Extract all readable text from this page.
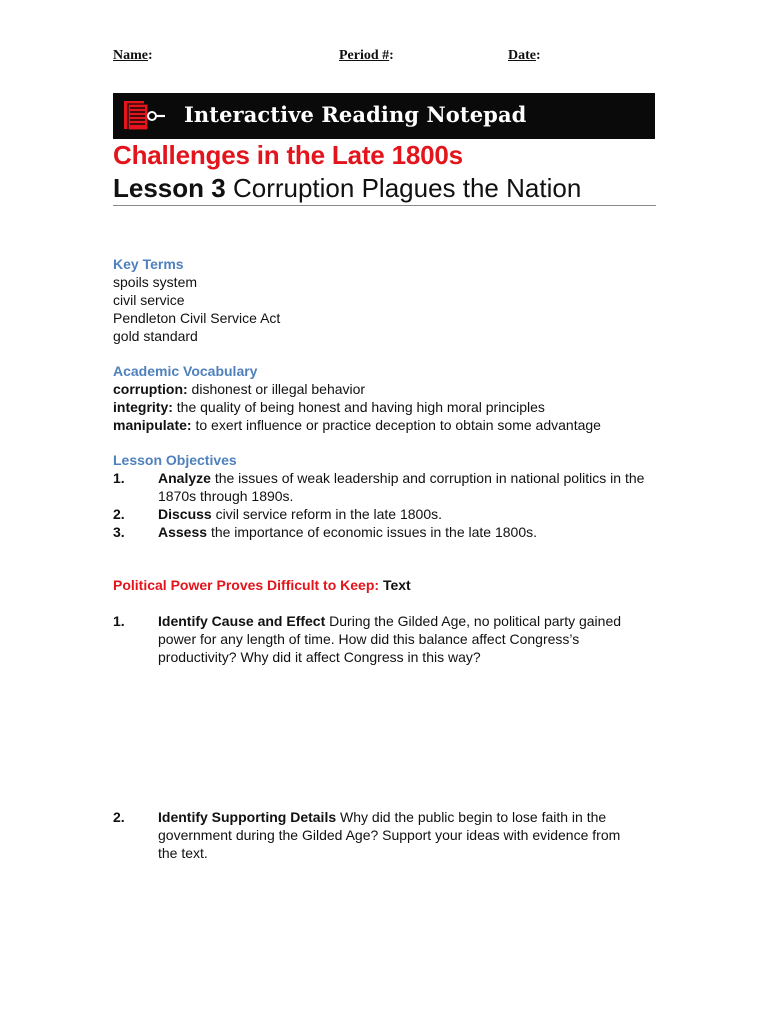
Name:	Period #:	Date:
Interactive Reading Notepad
Challenges in the Late 1800s
Lesson 3 Corruption Plagues the Nation
Key Terms
spoils system
civil service
Pendleton Civil Service Act
gold standard
Academic Vocabulary
corruption: dishonest or illegal behavior
integrity: the quality of being honest and having high moral principles
manipulate: to exert influence or practice deception to obtain some advantage
Lesson Objectives
1. Analyze the issues of weak leadership and corruption in national politics in the 1870s through 1890s.
2. Discuss civil service reform in the late 1800s.
3. Assess the importance of economic issues in the late 1800s.
Political Power Proves Difficult to Keep: Text
1. Identify Cause and Effect During the Gilded Age, no political party gained power for any length of time. How did this balance affect Congress’s productivity? Why did it affect Congress in this way?
2. Identify Supporting Details Why did the public begin to lose faith in the government during the Gilded Age? Support your ideas with evidence from the text.
